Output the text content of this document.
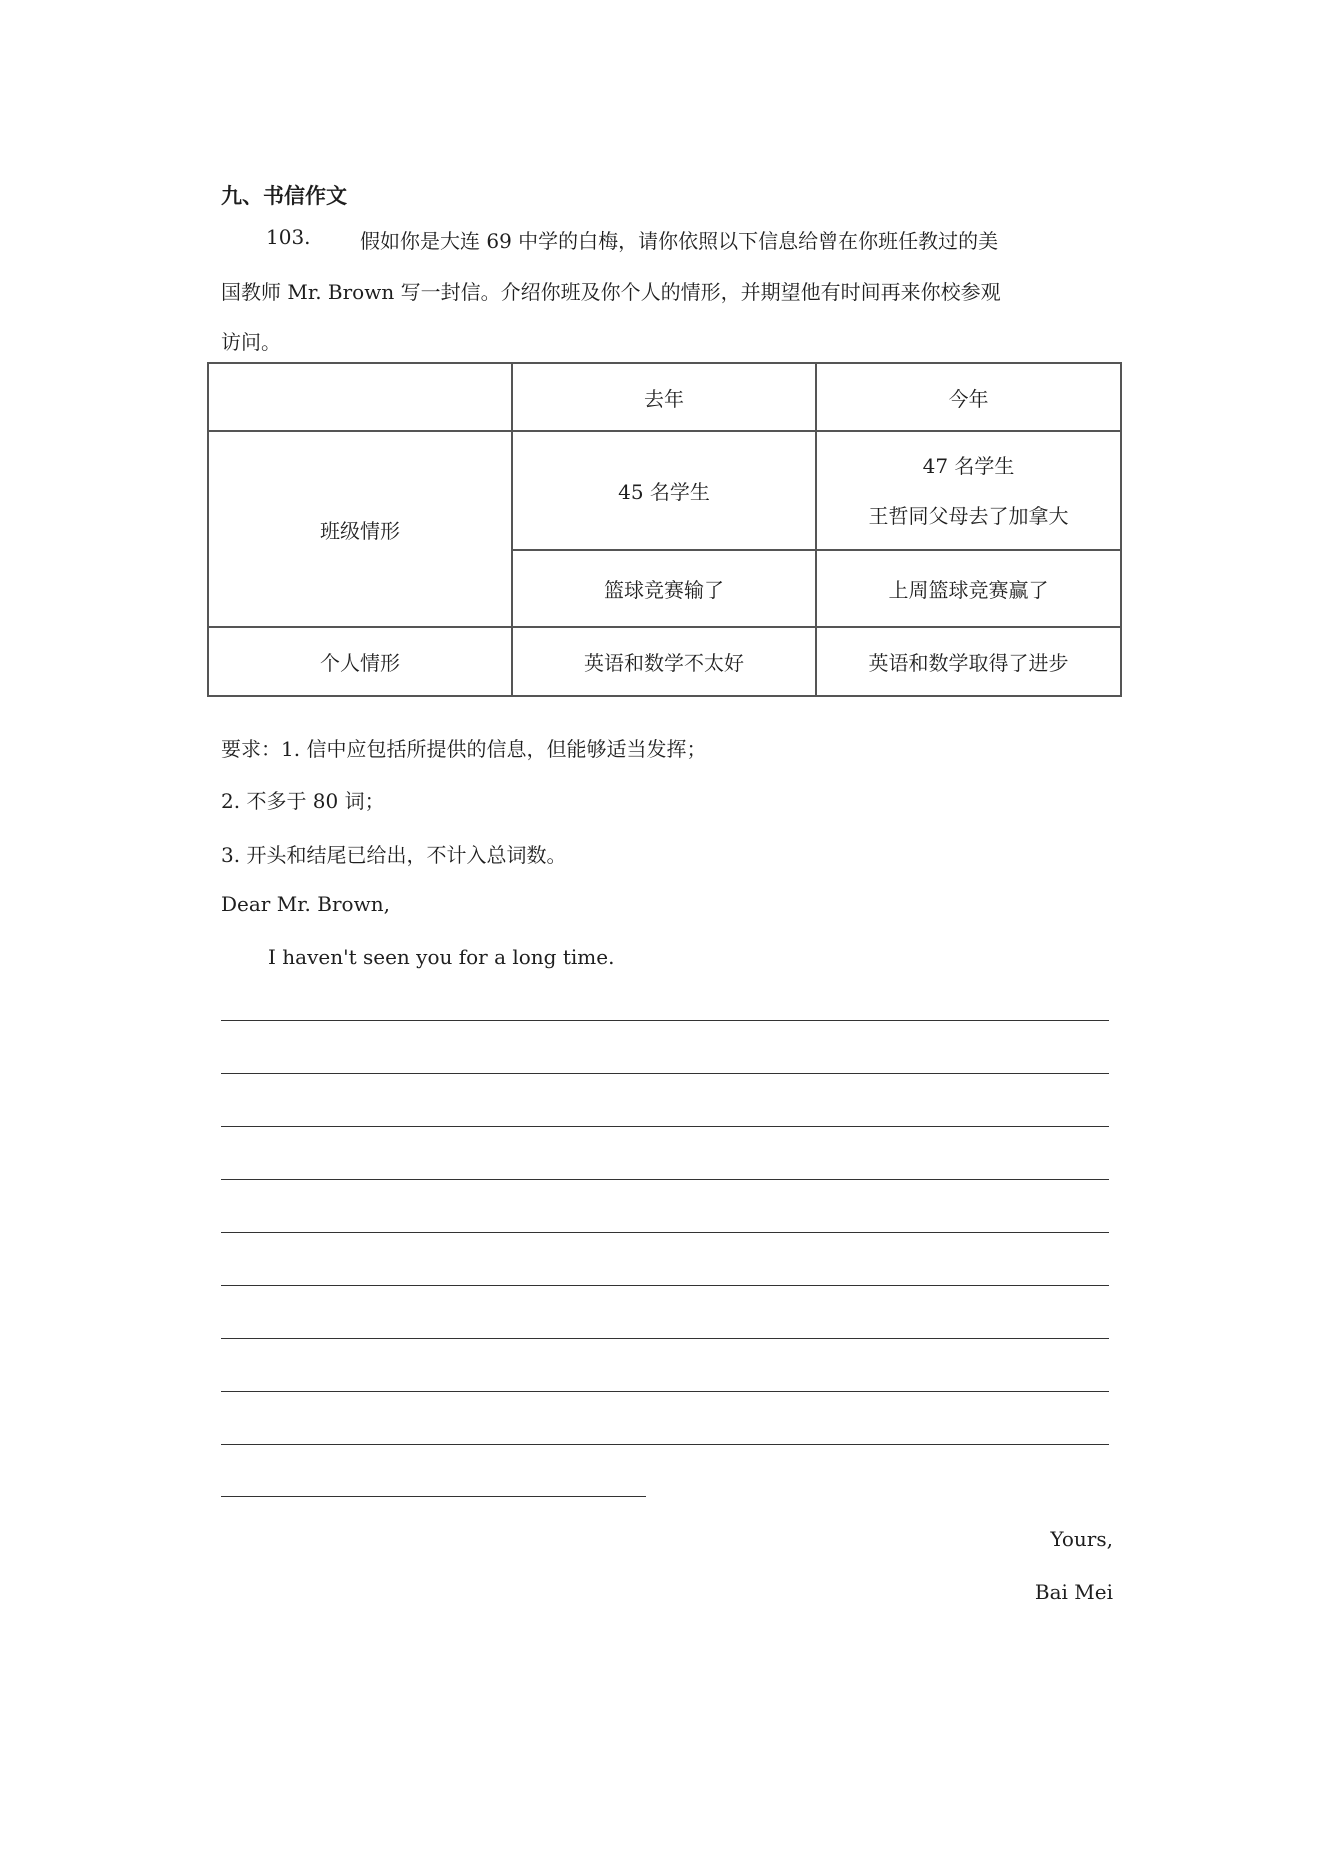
九、书信作文
103. 假如你是大连 69 中学的白梅，请你依照以下信息给曾在你班任教过的美
国教师 Mr. Brown 写一封信。介绍你班及你个人的情形，并期望他有时间再来你校参观
访问。
	去年	今年
班级情形	45 名学生	47 名学生
王哲同父母去了加拿大

	篮球竞赛输了	上周篮球竞赛赢了
个人情形	英语和数学不太好	英语和数学取得了进步
要求：1. 信中应包括所提供的信息，但能够适当发挥；
2. 不多于 80 词；
3. 开头和结尾已给出，不计入总词数。
Dear Mr. Brown,
I haven't seen you for a long time.
Yours,
Bai Mei
